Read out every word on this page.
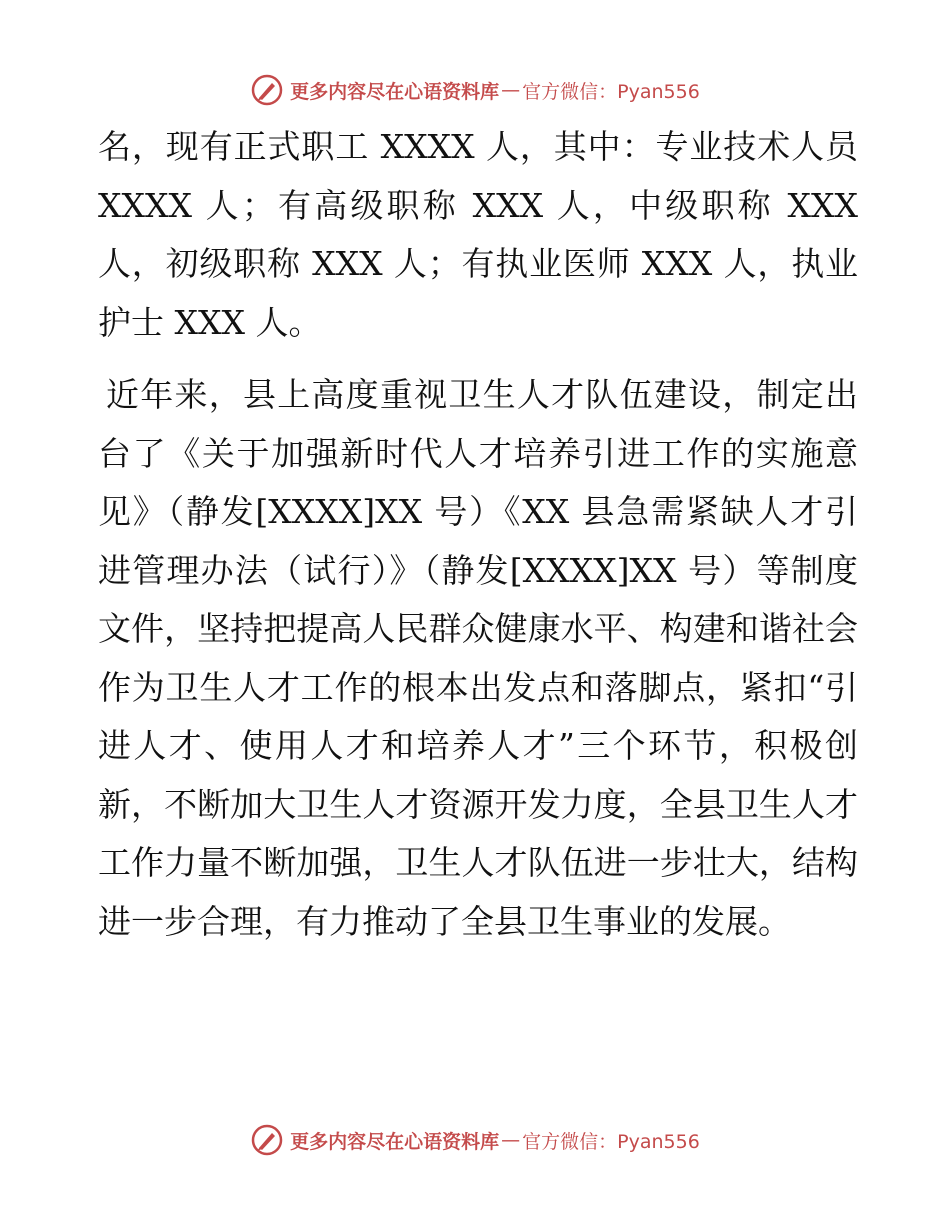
更多内容尽在心语资料库 — 官方微信：Pyan556

名，现有正式职工 XXXX 人，其中：专业技术人员 XXXX 人；有高级职称 XXX 人，中级职称 XXX 人，初级职称 XXX 人；有执业医师 XXX 人，执业护士 XXX 人。

近年来，县上高度重视卫生人才队伍建设，制定出台了《关于加强新时代人才培养引进工作的实施意见》（静发[XXXX]XX 号）《XX 县急需紧缺人才引进管理办法（试行）》（静发[XXXX]XX 号）等制度文件，坚持把提高人民群众健康水平、构建和谐社会作为卫生人才工作的根本出发点和落脚点，紧扣“引进人才、使用人才和培养人才”三个环节，积极创新，不断加大卫生人才资源开发力度，全县卫生人才工作力量不断加强，卫生人才队伍进一步壮大，结构进一步合理，有力推动了全县卫生事业的发展。

更多内容尽在心语资料库 — 官方微信：Pyan556
